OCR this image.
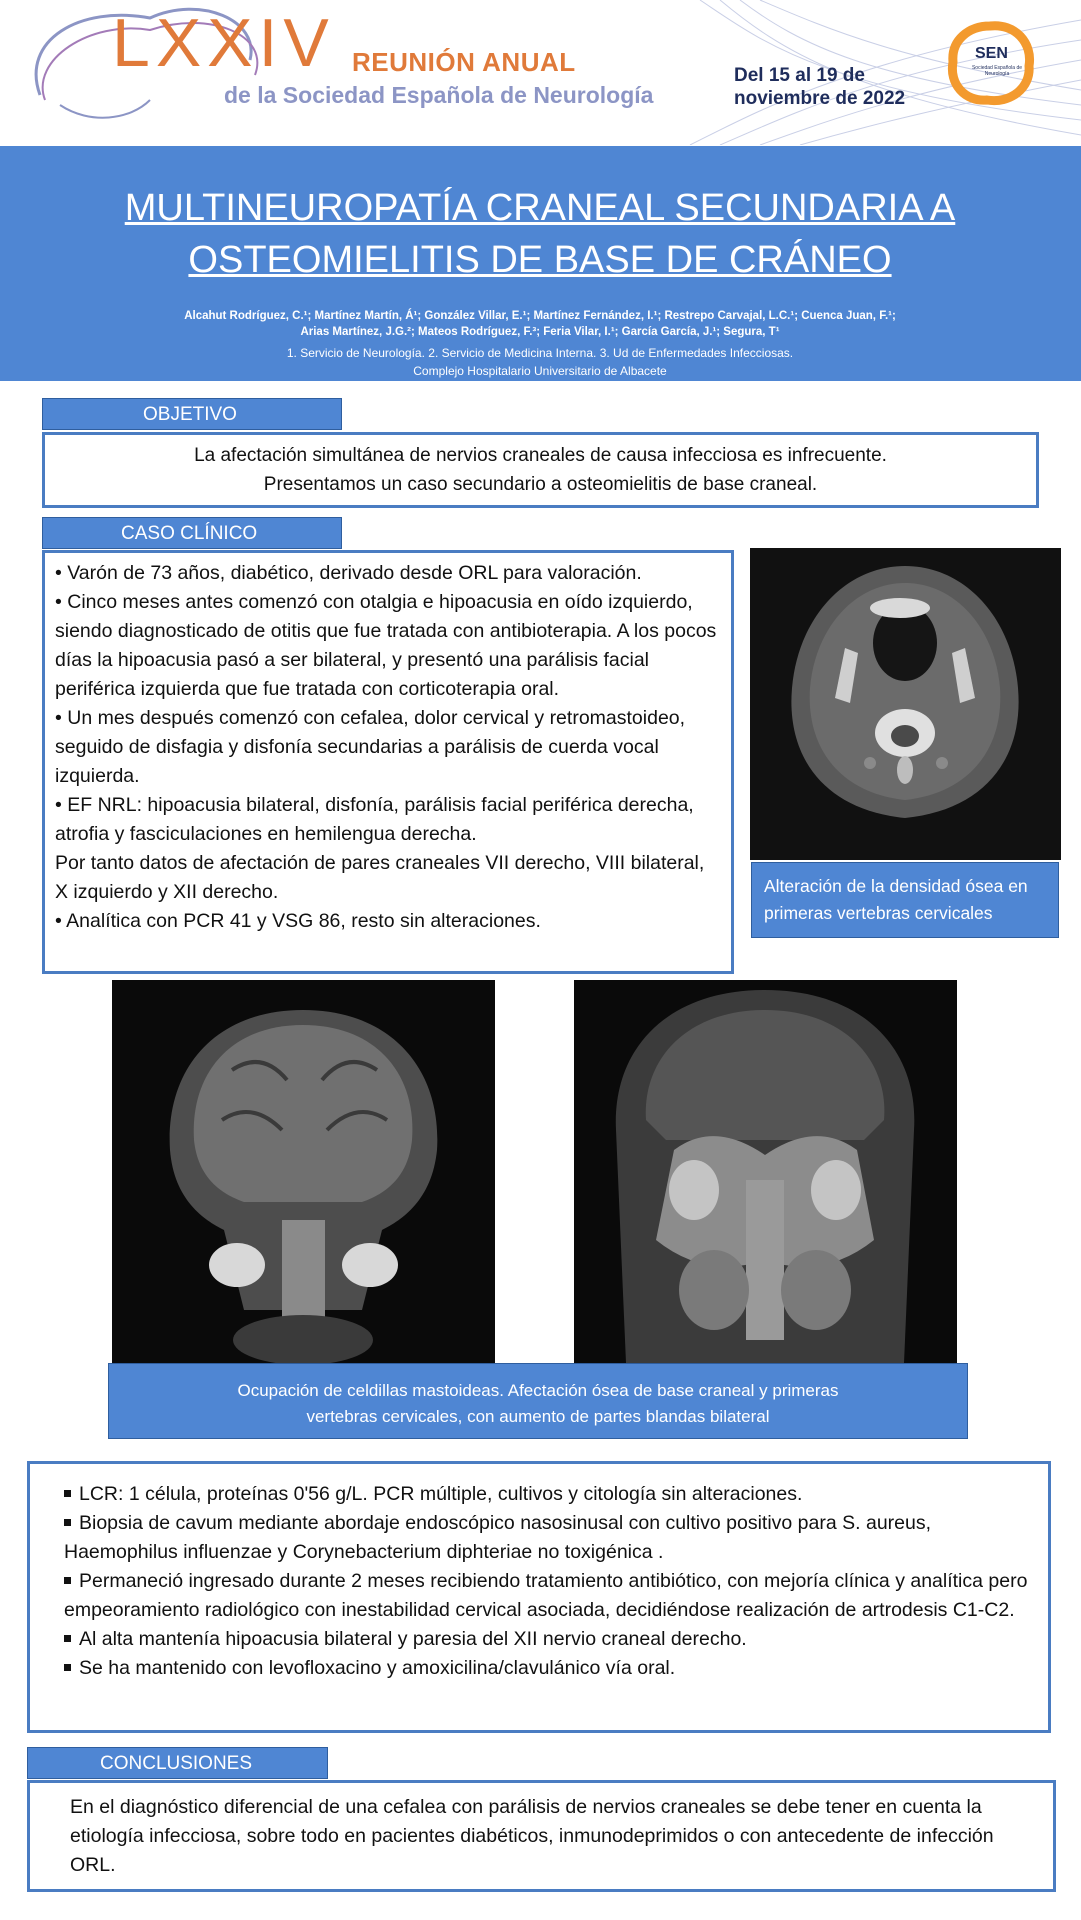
LXXIV REUNIÓN ANUAL
de la Sociedad Española de Neurología
Del 15 al 19 de
noviembre de 2022
SEN
Sociedad Española de Neurología
MULTINEUROPATÍA CRANEAL SECUNDARIA A
OSTEOMIELITIS DE BASE DE CRÁNEO
Alcahut Rodríguez, C.¹; Martínez Martín, Á¹; González Villar, E.¹; Martínez Fernández, I.¹; Restrepo Carvajal, L.C.¹; Cuenca Juan, F.¹;
Arias Martínez, J.G.²; Mateos Rodríguez, F.³; Feria Vilar, I.¹; García García, J.¹; Segura, T¹
1. Servicio de Neurología. 2. Servicio de Medicina Interna. 3. Ud de Enfermedades Infecciosas.
Complejo Hospitalario Universitario de Albacete
OBJETIVO
La afectación simultánea de nervios craneales de causa infecciosa es infrecuente.
Presentamos un caso secundario a osteomielitis de base craneal.
CASO CLÍNICO

• Varón de 73 años, diabético, derivado desde ORL para valoración.

• Cinco meses antes comenzó con otalgia e hipoacusia en oído izquierdo, siendo diagnosticado de otitis que fue tratada con antibioterapia. A los pocos días la hipoacusia pasó a ser bilateral, y presentó una parálisis facial periférica izquierda que fue tratada con corticoterapia oral.

• Un mes después comenzó con cefalea, dolor cervical y retromastoideo, seguido de disfagia y disfonía secundarias a parálisis de cuerda vocal izquierda.

• EF NRL: hipoacusia bilateral, disfonía, parálisis facial periférica derecha, atrofia y fasciculaciones en hemilengua derecha.

Por tanto datos de afectación de pares craneales VII derecho, VIII bilateral, X izquierdo y XII derecho.

• Analítica con PCR 41 y VSG 86, resto sin alteraciones.

Alteración de la densidad ósea en primeras vertebras cervicales
Ocupación de celdillas mastoideas. Afectación ósea de base craneal y primeras
vertebras cervicales, con aumento de partes blandas bilateral

LCR: 1 célula, proteínas 0'56 g/L. PCR múltiple, cultivos y citología sin alteraciones.

Biopsia de cavum mediante abordaje endoscópico nasosinusal con cultivo positivo para S. aureus, Haemophilus influenzae y Corynebacterium diphteriae no toxigénica .

Permaneció ingresado durante 2 meses recibiendo tratamiento antibiótico, con mejoría clínica y analítica pero empeoramiento radiológico con inestabilidad cervical asociada, decidiéndose realización de artrodesis C1-C2.

Al alta mantenía hipoacusia bilateral y paresia del XII nervio craneal derecho.

Se ha mantenido con levofloxacino y amoxicilina/clavulánico vía oral.

CONCLUSIONES
En el diagnóstico diferencial de una cefalea con parálisis de nervios craneales se debe tener en cuenta la etiología infecciosa, sobre todo en pacientes diabéticos, inmunodeprimidos o con antecedente de infección ORL.
